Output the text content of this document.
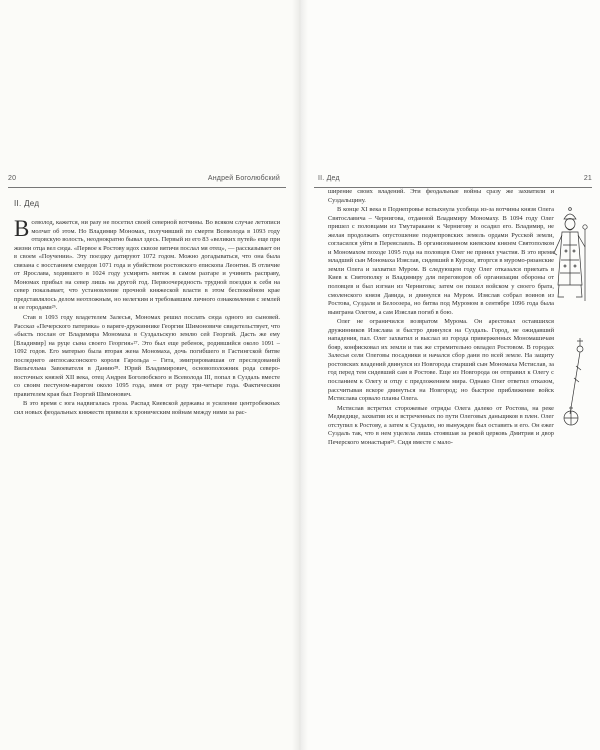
20	Андрей Боголюбский
II. Дед

Всеволод, кажется, ни разу не посетил своей северной вотчины. Во всяком случае летописи молчат об этом. Но Владимир Мономах, получивший по смерти Всеволода в 1093 году отцовскую волость, неоднократно бывал здесь. Первый из его 83 «великих путей» еще при жизни отца вел сюда. «Первое к Ростову идох сквозе вятичи послал мя отец», — рассказывает он в своем «Поучении». Эту поездку датируют 1072 годом. Можно догадываться, что она была связана с восстанием смердов 1071 года и убийством ростовского епископа Леонтия. В отличие от Ярослава, ходившего в 1024 году усмирять мятеж в самом разгаре и учинить расправу, Мономах прибыл на север лишь на другой год. Первоочередность трудной поездки к себя на север показывает, что установление прочной княжеской власти в этом беспокойном крае представлялось делом неотложным, но нелегким и требовавшим личного ознакомления с землей и ее городами²⁶.

Став в 1093 году владетелем Залесья, Мономах решил послать сюда одного из сыновей. Рассказ «Печерского патерика» о варяге-дружиннике Георгии Шимоновиче свидетельствует, что «бысть послан от Владимира Мономаха в Суздальскую землю сей Георгий. Дасть же ему [Владимир] на руце сына своего Георгия»²⁷. Это был еще ребенок, родившийся около 1091 – 1092 годов. Его матерью была вторая жена Мономаха, дочь погибшего в Гастингской битве последнего англосаксонского короля Гарольда – Гита, эмигрировавшая от преследований Вильгельма Завоевателя в Данию²⁸. Юрий Владимирович, основоположник рода северо-восточных князей XII века, отец Андрея Боголюбского и Всеволода III, попал в Суздаль вместе со своим пестуном-варягом около 1095 года, имея от роду три-четыре года. Фактическим правителем края был Георгий Шимонович.

В это время с юга надвигалась гроза. Распад Киевской державы и усиление центробежных сил новых феодальных княжеств привели к хроническим войнам между ними за рас-

II. Дед	21

ширение своих владений. Эти феодальные войны сразу же захватили и Суздальщину.

В конце XI века в Поднепровье вспыхнула усобица из-за вотчины князя Олега Святославича – Чернигова, отданной Владимиру Мономаху. В 1094 году Олег пришел с половцами из Тмутаракани к Чернигову и осадил его. Владимир, не желая продолжать опустошение поднепровских земель ордами Русской земли, согласился уйти в Переяславль. В организованном киевским князем Святополком и Мономахом походе 1095 года на половцев Олег не принял участия. В это время младший сын Мономаха Изяслав, сидевший в Курске, вторгся в муромо-рязанские земли Олега и захватил Муром. В следующем году Олег отказался приехать в Киев к Святополку и Владимиру для переговоров об организации обороны от половцев и был изгнан из Чернигова; затем он пошел войском у своего брата, смоленского князя Давида, и двинулся на Муром. Изяслав собрал воинов из Ростова, Суздаля и Белоозера, но битва под Муромом в сентябре 1096 года была выиграна Олегом, а сам Изяслав погиб в бою.

Олег не ограничился возвратом Мурома. Он арестовал оставшихся дружинников Изяслава и быстро двинулся на Суздаль. Город, не ожидавший нападения, пал. Олег захватил и выслал из города приверженных Мономашичам бояр, конфисковал их земли и так же стремительно овладел Ростовом. В городах Залесья сели Олеговы посадники и начался сбор дани по всей земле. На защиту ростовских владений двинулся из Новгорода старший сын Мономаха Мстислав, за год перед тем сидевший сам в Ростове. Еще из Новгорода он отправил к Олегу с посланием к Олегу и отцу с предложением мира. Однако Олег ответил отказом, рассчитывая вскоре двинуться на Новгород; но быстрое приближение войск Мстислава сорвало планы Олега.

Мстислав встретил сторожевые отряды Олега далеко от Ростова, на реке Медведице, захватив их и встреченных по пути Олеговых даньщиков в плен. Олег отступил к Ростову, а затем к Суздалю, но вынужден был оставить и его. Он ежег Суздаль так, что в нем уцелела лишь стоявшая за рекой церковь Дмитрия и двор Печерского монастыря²⁹. Сидя вместе с мало-
